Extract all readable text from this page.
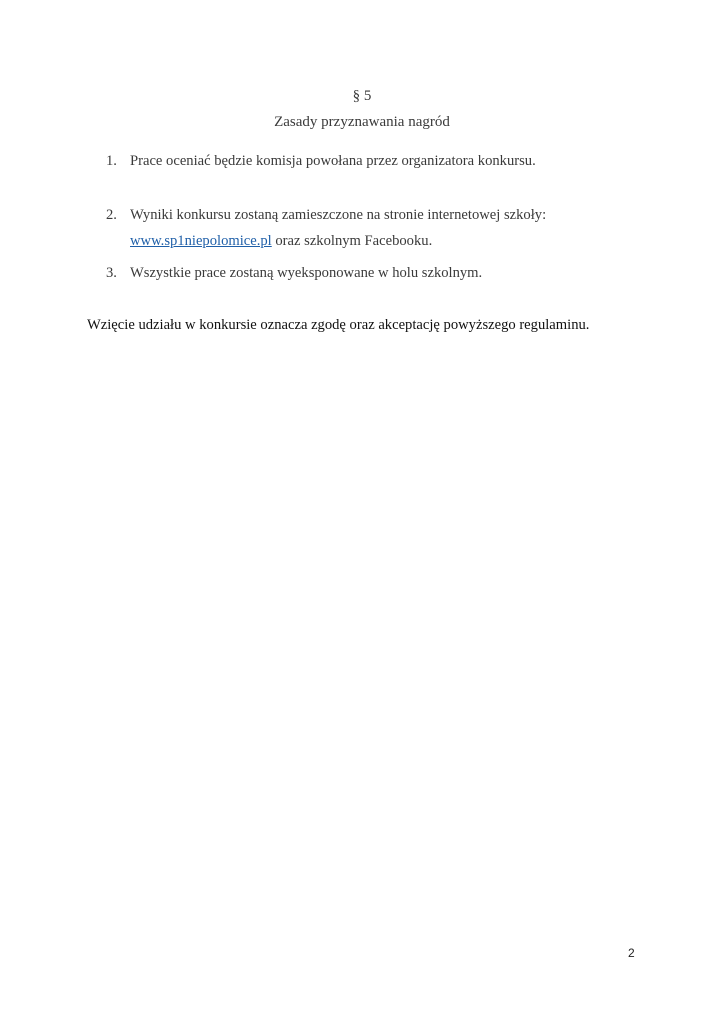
§ 5
Zasady przyznawania nagród
1. Prace oceniać będzie komisja powołana przez organizatora konkursu.
2. Wyniki konkursu zostaną zamieszczone na stronie internetowej szkoły:
www.sp1niepolomice.pl oraz szkolnym Facebooku.
3. Wszystkie prace zostaną wyeksponowane w holu szkolnym.
Wzięcie udziału w konkursie oznacza zgodę oraz akceptację powyższego regulaminu.
2
